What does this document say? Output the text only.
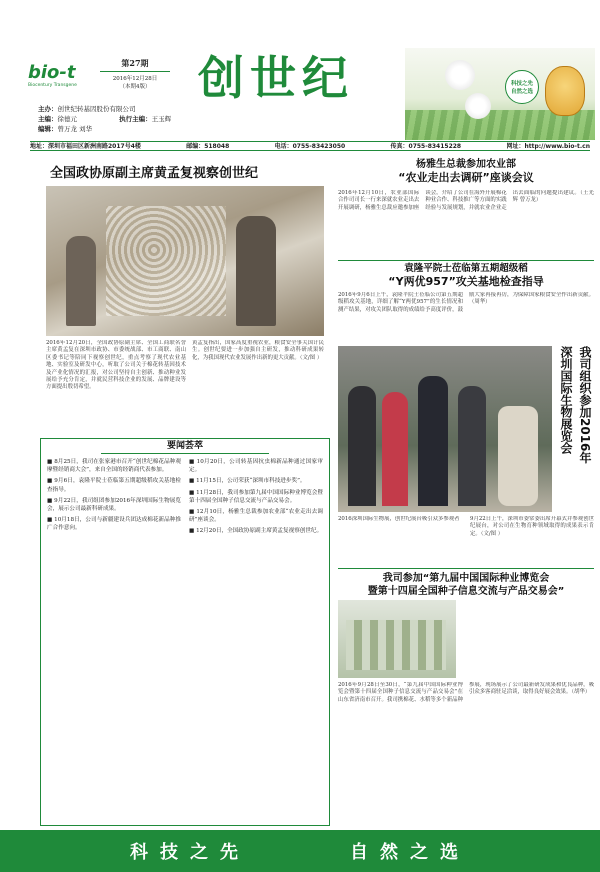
bio-t
Biocentury Transgene
第27期
2016年12月28日
（本期4版）	创世纪	科技之先
自然之选
主办：创世纪转基因股份有限公司
主编：徐德元	执行主编：王玉辉
编辑：曾万龙 刘华
地址：深圳市福田区新洲南路2017号4楼	邮编：518048	电话：0755-83423050	传真：0755-83415228	网址：http://www.bio-t.cn
全国政协原副主席黄孟复视察创世纪
2016年12月20日，全国政协原副主席、全国工商联名誉主席黄孟复在深圳市政协、市委统战部、市工商联、南山区委书记等陪同下视察创世纪，重点考察了现代农业基地、实验室及研发中心，听取了公司关于棉花转基因技术及产业化情况的汇报，对公司坚持自主创新、推动种业发展给予充分肯定，并就民营科技企业的发展、品牌建设等方面提出殷切希望。
黄孟复指出，国家高度重视农业，粮食安全事关国计民生。创世纪要进一步加强自主研发，推动科研成果转化，为我国现代农业发展作出新的更大贡献。（文/图 ）
要闻荟萃

■ 8月25日，我司在张家港市召开“创世纪棉花品种观摩暨经销商大会”，来自全国的经销商代表参加。

■ 9月6日，袁隆平院士莅临第五期超级稻攻关基地检查指导。

■ 9月22日，我司组团参加2016年深圳国际生物展览会，展示公司最新科研成果。

■ 10月18日，公司与新疆建设兵团达成棉花新品种推广合作意向。

■ 10月20日，公司转基因抗虫棉新品种通过国家审定。

■ 11月15日，公司荣获“深圳市科技进步奖”。

■ 11月28日，我司参加第九届中国国际种业博览会暨第十四届全国种子信息交流与产品交易会。

■ 12月10日，杨雅生总裁参加农业部“农业走出去调研”座谈会。

■ 12月20日，全国政协原副主席黄孟复视察创世纪。

杨雅生总裁参加农业部
“农业走出去调研”座谈会议
2016年12月10日，农业部国际合作司司长一行来深就农业走出去开展调研，杨雅生总裁应邀参加座谈会，介绍了公司在海外开展棉花种业合作、科技推广等方面的实践经验与发展规划，并就农业企业走出去面临的问题提出建议。（王光辉 曾万龙）
袁隆平院士莅临第五期超级稻
“Y两优957”攻关基地检查指导
2016年9月6日上午，袁隆平院士莅临公司第五期超级稻攻关基地，详细了解“Y两优957”的生长情况和测产结果，对攻关团队取得的成绩给予高度评价，鼓励大家再接再厉，为保障国家粮食安全作出新贡献。（周华）
我司组织参加2016年
深圳国际生物展览会
2016深圳国际生物展，创世纪展台吸引众多参观者	9月22日上午，深圳市委常委出席开幕式并参观创世纪展台，对公司在生物育种领域取得的成果表示肯定。（文/图 ）
我司参加“第九届中国国际种业博览会
暨第十四届全国种子信息交流与产品交易会”
2016年9月28日至30日，“第九届中国国际种业博览会暨第十四届全国种子信息交流与产品交易会”在山东省济南市召开。我司携棉花、水稻等多个新品种参展，现场展示了公司最新研发成果和优良品种，吸引众多客商驻足洽谈，取得良好展会效果。（胡华）
科技之先	自然之选
